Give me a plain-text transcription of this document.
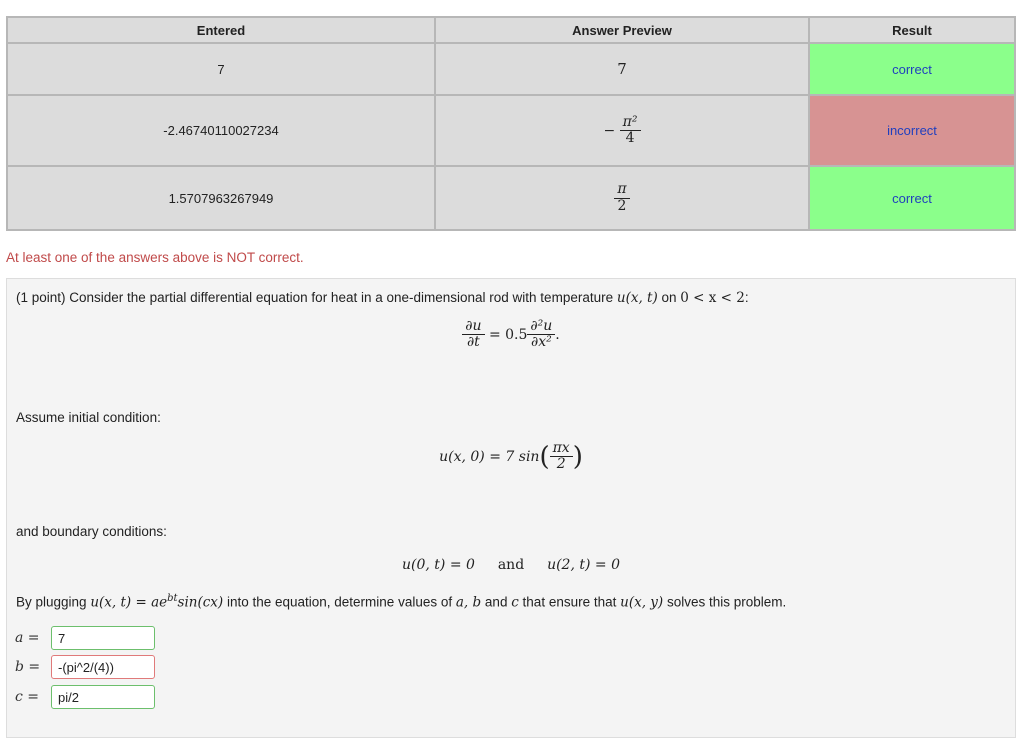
Entered	Answer Preview	Result
7	7	correct
-2.46740110027234	− $\frac{\text{π²}}{4}$	incorrect
1.5707963267949	$\frac{\pi}{2}$	correct
At least one of the answers above is NOT correct.
(1 point) Consider the partial differential equation for heat in a one-dimensional rod with temperature u(x, t) on 0 < x < 2:
$\frac{\partial u}{\partial t} = 0.5 \frac{\text{∂²u}}{\text{∂x²}}$ .
Assume initial condition:
u(x, 0) = 7 $\sin( \frac{\pi x}{2}$ )
and boundary conditions:
u(0, t) = 0 and u(2, t) = 0
By plugging u(x, $t) = ae^{bt}\sin(cx)$ into the equation, determine values of a, b and c that ensure that u(x, y) solves this problem.
a =
7
b =
-(pi^2/(4))
c =
pi/2
